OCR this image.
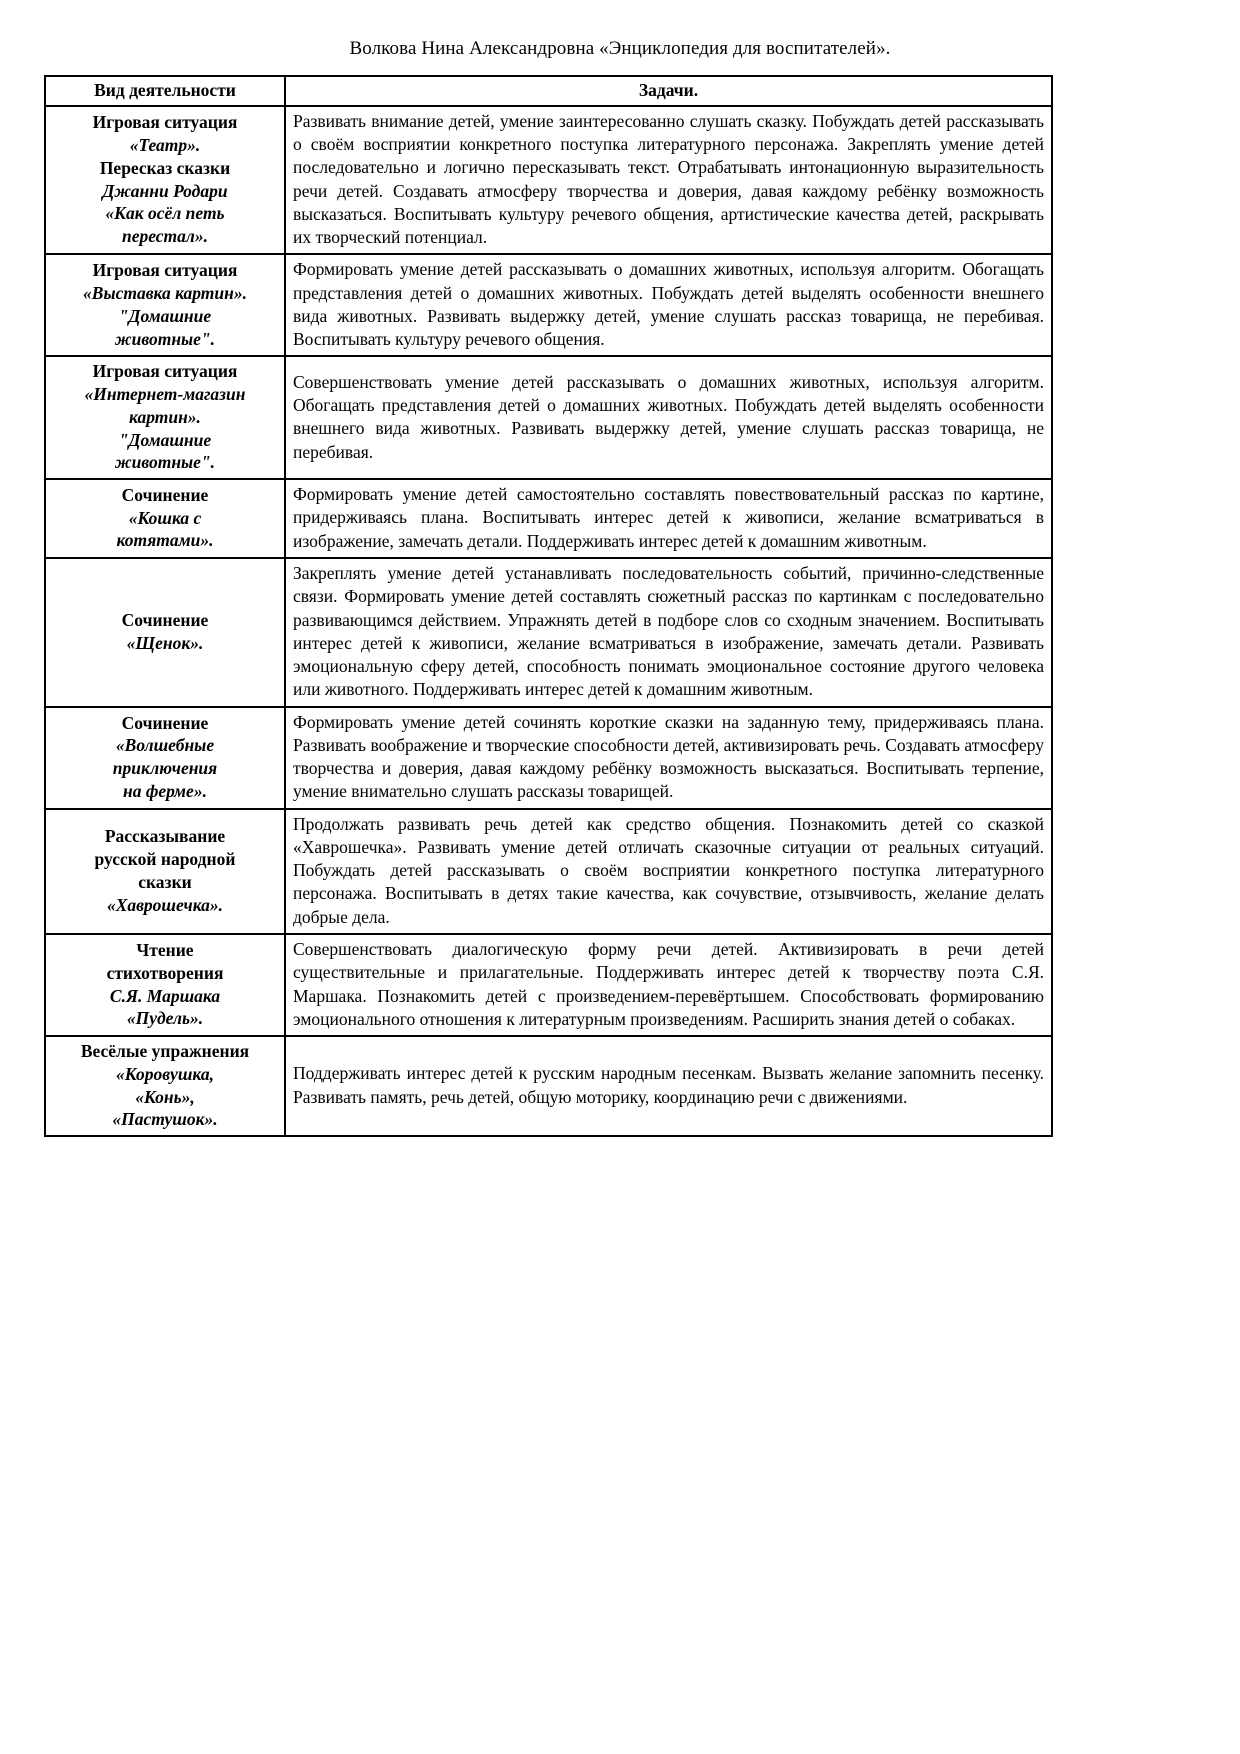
Волкова Нина Александровна «Энциклопедия для воспитателей».
Вид деятельности	Задачи.

Игровая ситуация
«Театр».
Пересказ сказки
Джанни Родари
«Как осёл петь
перестал».
	Развивать внимание детей, умение заинтересованно слушать сказку. Побуждать детей рассказывать о своём восприятии конкретного поступка литературного персонажа. Закреплять умение детей последовательно и логично пересказывать текст. Отрабатывать интонационную выразительность речи детей. Создавать атмосферу творчества и доверия, давая каждому ребёнку возможность высказаться. Воспитывать культуру речевого общения, артистические качества детей, раскрывать их творческий потенциал.

Игровая ситуация
«Выставка картин».
"Домашние
животные".
	Формировать умение детей рассказывать о домашних животных, используя алгоритм. Обогащать представления детей о домашних животных. Побуждать детей выделять особенности внешнего вида животных. Развивать выдержку детей, умение слушать рассказ товарища, не перебивая. Воспитывать культуру речевого общения.

Игровая ситуация
«Интернет-магазин
картин».
"Домашние
животные".
	Совершенствовать умение детей рассказывать о домашних животных, используя алгоритм. Обогащать представления детей о домашних животных. Побуждать детей выделять особенности внешнего вида животных. Развивать выдержку детей, умение слушать рассказ товарища, не перебивая.

Сочинение
«Кошка с
котятами».
	Формировать умение детей самостоятельно составлять повествовательный рассказ по картине, придерживаясь плана. Воспитывать интерес детей к живописи, желание всматриваться в изображение, замечать детали. Поддерживать интерес детей к домашним животным.

Сочинение
«Щенок».	Закреплять умение детей устанавливать последовательность событий, причинно-следственные связи. Формировать умение детей составлять сюжетный рассказ по картинкам с последовательно развивающимся действием. Упражнять детей в подборе слов со сходным значением. Воспитывать интерес детей к живописи, желание всматриваться в изображение, замечать детали. Развивать эмоциональную сферу детей, способность понимать эмоциональное состояние другого человека или животного. Поддерживать интерес детей к домашним животным.

Сочинение
«Волшебные
приключения
на ферме».
	Формировать умение детей сочинять короткие сказки на заданную тему, придерживаясь плана. Развивать воображение и творческие способности детей, активизировать речь. Создавать атмосферу творчества и доверия, давая каждому ребёнку возможность высказаться. Воспитывать терпение, умение внимательно слушать рассказы товарищей.

Рассказывание
русской народной
сказки
«Хаврошечка».
	Продолжать развивать речь детей как средство общения. Познакомить детей со сказкой «Хаврошечка». Развивать умение детей отличать сказочные ситуации от реальных ситуаций. Побуждать детей рассказывать о своём восприятии конкретного поступка литературного персонажа. Воспитывать в детях такие качества, как сочувствие, отзывчивость, желание делать добрые дела.

Чтение
стихотворения
С.Я. Маршака
«Пудель».
	Совершенствовать диалогическую форму речи детей. Активизировать в речи детей существительные и прилагательные. Поддерживать интерес детей к творчеству поэта С.Я. Маршака. Познакомить детей с произведением-перевёртышем. Способствовать формированию эмоционального отношения к литературным произведениям. Расширить знания детей о собаках.

Весёлые упражнения
«Коровушка,
«Конь»,
«Пастушок».	Поддерживать интерес детей к русским народным песенкам. Вызвать желание запомнить песенку. Развивать память, речь детей, общую моторику, координацию речи с движениями.
